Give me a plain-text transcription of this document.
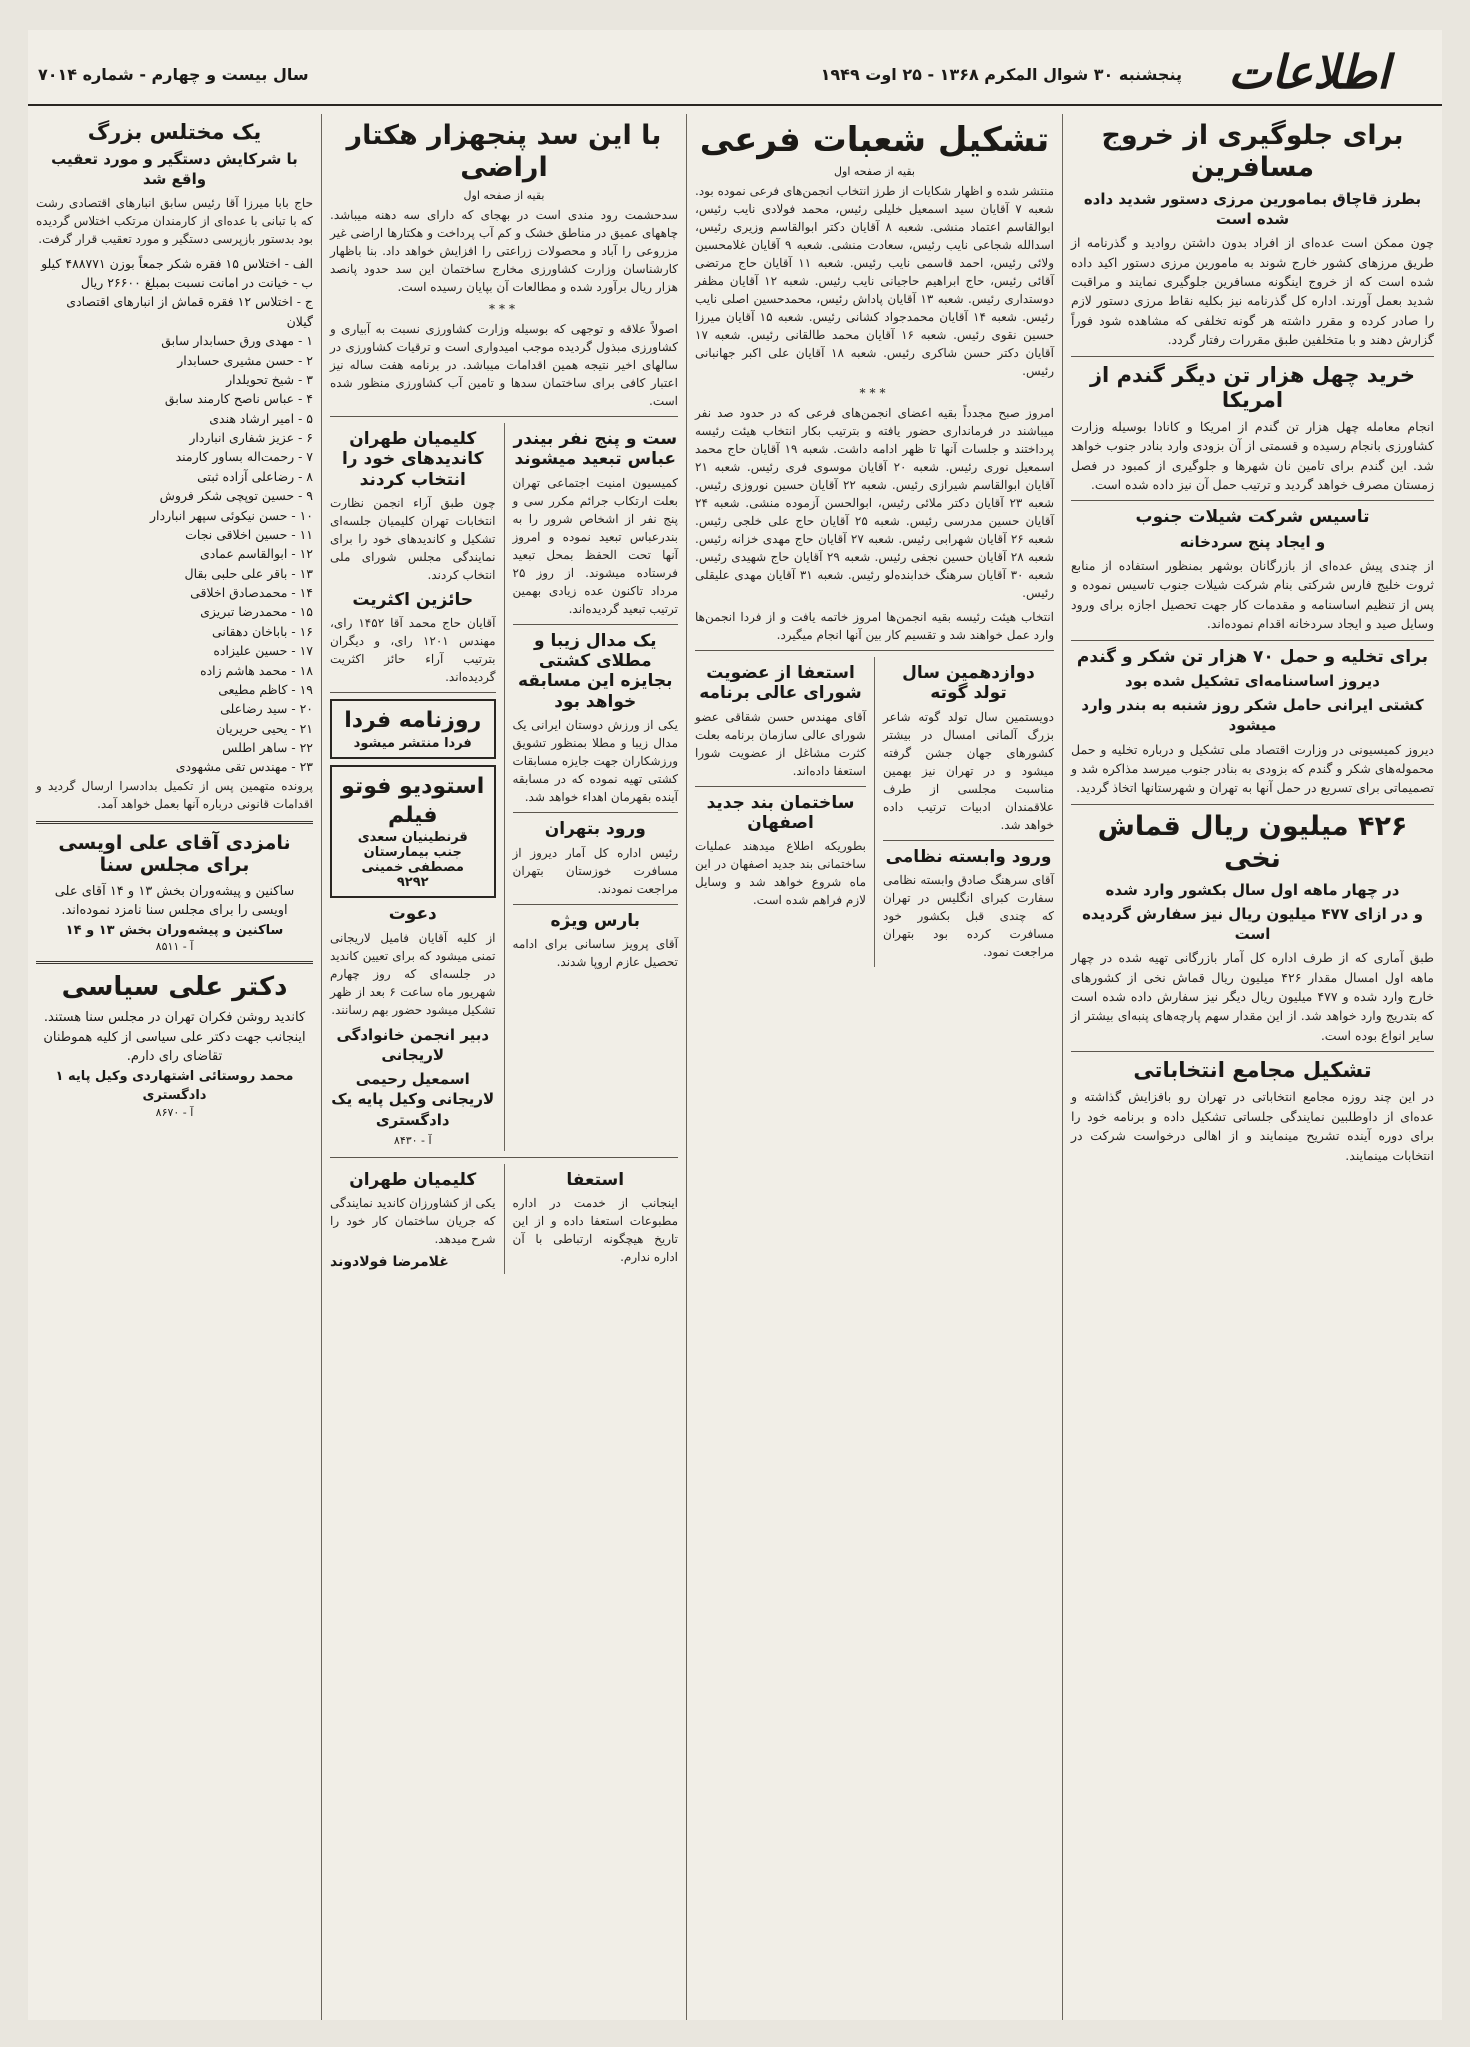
اطلاعات
پنجشنبه ۳۰ شوال المکرم ۱۳۶۸ - ۲۵ اوت ۱۹۴۹
سال بیست و چهارم - شماره ۷۰۱۴
برای جلوگیری از خروج مسافرین
بطرز قاچاق بمامورین مرزی دستور شدید داده شده است
چون ممکن است عده‌ای از افراد بدون داشتن روادید و گذرنامه از طریق مرزهای کشور خارج شوند به مامورین مرزی دستور اکید داده شده است که از خروج اینگونه مسافرین جلوگیری نمایند و مراقبت شدید بعمل آورند. اداره کل گذرنامه نیز بکلیه نقاط مرزی دستور لازم را صادر کرده و مقرر داشته هر گونه تخلفی که مشاهده شود فوراً گزارش دهند و با متخلفین طبق مقررات رفتار گردد.
خرید چهل هزار تن دیگر گندم از امریکا
انجام معامله چهل هزار تن گندم از امریکا و کانادا بوسیله وزارت کشاورزی بانجام رسیده و قسمتی از آن بزودی وارد بنادر جنوب خواهد شد. این گندم برای تامین نان شهرها و جلوگیری از کمبود در فصل زمستان مصرف خواهد گردید و ترتیب حمل آن نیز داده شده است.
تاسیس شرکت شیلات جنوب
و ایجاد پنج سردخانه
از چندی پیش عده‌ای از بازرگانان بوشهر بمنظور استفاده از منابع ثروت خلیج فارس شرکتی بنام شرکت شیلات جنوب تاسیس نموده و پس از تنظیم اساسنامه و مقدمات کار جهت تحصیل اجازه برای ورود وسایل صید و ایجاد سردخانه اقدام نموده‌اند.
برای تخلیه و حمل ۷۰ هزار تن شکر و گندم
دیروز اساسنامه‌ای تشکیل شده بود
کشتی ایرانی حامل شکر روز شنبه به بندر وارد میشود
دیروز کمیسیونی در وزارت اقتصاد ملی تشکیل و درباره تخلیه و حمل محموله‌های شکر و گندم که بزودی به بنادر جنوب میرسد مذاکره شد و تصمیماتی برای تسریع در حمل آنها به تهران و شهرستانها اتخاذ گردید.
۴۲۶ میلیون ریال قماش نخی
در چهار ماهه اول سال بکشور وارد شده
و در ازای ۴۷۷ میلیون ریال نیز سفارش گردیده است
طبق آماری که از طرف اداره کل آمار بازرگانی تهیه شده در چهار ماهه اول امسال مقدار ۴۲۶ میلیون ریال قماش نخی از کشورهای خارج وارد شده و ۴۷۷ میلیون ریال دیگر نیز سفارش داده شده است که بتدریج وارد خواهد شد. از این مقدار سهم پارچه‌های پنبه‌ای بیشتر از سایر انواع بوده است.
تشکیل مجامع انتخاباتی
در این چند روزه مجامع انتخاباتی در تهران رو بافزایش گذاشته و عده‌ای از داوطلبین نمایندگی جلساتی تشکیل داده و برنامه خود را برای دوره آینده تشریح مینمایند و از اهالی درخواست شرکت در انتخابات مینمایند.
تشکیل شعبات فرعی
بقیه از صفحه اول
منتشر شده و اظهار شکایات از طرز انتخاب انجمن‌های فرعی نموده بود. شعبه ۷ آقایان سید اسمعیل خلیلی رئیس، محمد فولادی نایب رئیس، ابوالقاسم اعتماد منشی. شعبه ۸ آقایان دکتر ابوالقاسم وزیری رئیس، اسدالله شجاعی نایب رئیس، سعادت منشی. شعبه ۹ آقایان غلامحسین ولائی رئیس، احمد قاسمی نایب رئیس. شعبه ۱۱ آقایان حاج مرتضی آقائی رئیس، حاج ابراهیم حاجیانی نایب رئیس. شعبه ۱۲ آقایان مظفر دوستداری رئیس. شعبه ۱۳ آقایان پاداش رئیس، محمدحسین اصلی نایب رئیس. شعبه ۱۴ آقایان محمدجواد کشانی رئیس. شعبه ۱۵ آقایان میرزا حسین نقوی رئیس. شعبه ۱۶ آقایان محمد طالقانی رئیس. شعبه ۱۷ آقایان دکتر حسن شاکری رئیس. شعبه ۱۸ آقایان علی اکبر جهانبانی رئیس.
***
امروز صبح مجدداً بقیه اعضای انجمن‌های فرعی که در حدود صد نفر میباشند در فرمانداری حضور یافته و بترتیب بکار انتخاب هیئت رئیسه پرداختند و جلسات آنها تا ظهر ادامه داشت. شعبه ۱۹ آقایان حاج محمد اسمعیل نوری رئیس. شعبه ۲۰ آقایان موسوی فری رئیس. شعبه ۲۱ آقایان ابوالقاسم شیرازی رئیس. شعبه ۲۲ آقایان حسین نوروزی رئیس. شعبه ۲۳ آقایان دکتر ملائی رئیس، ابوالحسن آزموده منشی. شعبه ۲۴ آقایان حسین مدرسی رئیس. شعبه ۲۵ آقایان حاج علی خلجی رئیس. شعبه ۲۶ آقایان شهرابی رئیس. شعبه ۲۷ آقایان حاج مهدی خزانه رئیس. شعبه ۲۸ آقایان حسین نجفی رئیس. شعبه ۲۹ آقایان حاج شهیدی رئیس. شعبه ۳۰ آقایان سرهنگ خدابنده‌لو رئیس. شعبه ۳۱ آقایان مهدی علیقلی رئیس.
انتخاب هیئت رئیسه بقیه انجمن‌ها امروز خاتمه یافت و از فردا انجمن‌ها وارد عمل خواهند شد و تقسیم کار بین آنها انجام میگیرد.
دوازدهمین سال تولد گوته
دویستمین سال تولد گوته شاعر بزرگ آلمانی امسال در بیشتر کشورهای جهان جشن گرفته میشود و در تهران نیز بهمین مناسبت مجلسی از طرف علاقمندان ادبیات ترتیب داده خواهد شد.
ورود وابسته نظامی
آقای سرهنگ صادق وابسته نظامی سفارت کبرای انگلیس در تهران که چندی قبل بکشور خود مسافرت کرده بود بتهران مراجعت نمود.
استعفا از عضویت شورای عالی برنامه
آقای مهندس حسن شقاقی عضو شورای عالی سازمان برنامه بعلت کثرت مشاغل از عضویت شورا استعفا داده‌اند.
ساختمان بند جدید اصفهان
بطوریکه اطلاع میدهند عملیات ساختمانی بند جدید اصفهان در این ماه شروع خواهد شد و وسایل لازم فراهم شده است.
با این سد پنجهزار هکتار اراضی
بقیه از صفحه اول
سدحشمت رود مندی است در بهجای که دارای سه دهنه میباشد. چاههای عمیق در مناطق خشک و کم آب پرداخت و هکتارها اراضی غیر مزروعی را آباد و محصولات زراعتی را افزایش خواهد داد. بنا باظهار کارشناسان وزارت کشاورزی مخارج ساختمان این سد حدود پانصد هزار ریال برآورد شده و مطالعات آن بپایان رسیده است.
***
اصولاً علاقه و توجهی که بوسیله وزارت کشاورزی نسبت به آبیاری و کشاورزی مبذول گردیده موجب امیدواری است و ترقیات کشاورزی در سالهای اخیر نتیجه همین اقدامات میباشد. در برنامه هفت ساله نیز اعتبار کافی برای ساختمان سدها و تامین آب کشاورزی منظور شده است.
ست و پنج نفر بیندر عباس تبعید میشوند
کمیسیون امنیت اجتماعی تهران بعلت ارتکاب جرائم مکرر سی و پنج نفر از اشخاص شرور را به بندرعباس تبعید نموده و امروز آنها تحت الحفظ بمحل تبعید فرستاده میشوند. از روز ۲۵ مرداد تاکنون عده زیادی بهمین ترتیب تبعید گردیده‌اند.
یک مدال زیبا و مطلای کشتی بجایزه این مسابقه خواهد بود
یکی از ورزش دوستان ایرانی یک مدال زیبا و مطلا بمنظور تشویق ورزشکاران جهت جایزه مسابقات کشتی تهیه نموده که در مسابقه آینده بقهرمان اهداء خواهد شد.
ورود بتهران
رئیس اداره کل آمار دیروز از مسافرت خوزستان بتهران مراجعت نمودند.
بارس ویژه
آقای پرویز ساسانی برای ادامه تحصیل عازم اروپا شدند.
کلیمیان طهران کاندیدهای خود را انتخاب کردند
چون طبق آراء انجمن نظارت انتخابات تهران کلیمیان جلسه‌ای تشکیل و کاندیدهای خود را برای نمایندگی مجلس شورای ملی انتخاب کردند.
حائزین اکثریت
آقایان حاج محمد آقا ۱۴۵۲ رای، مهندس ۱۲۰۱ رای، و دیگران بترتیب آراء حائز اکثریت گردیده‌اند.
روزنامه فردا
فردا منتشر میشود
استودیو فوتو فیلم
قرنطینیان سعدی
جنب بیمارستان مصطفی خمینی
۹۲۹۲
دعوت
از کلیه آقایان فامیل لاریجانی تمنی میشود که برای تعیین کاندید در جلسه‌ای که روز چهارم شهریور ماه ساعت ۶ بعد از ظهر تشکیل میشود حضور بهم رسانند.
دبیر انجمن خانوادگی لاریجانی
اسمعیل رحیمی لاریجانی وکیل پایه یک دادگستری
آ - ۸۴۳۰
استعفا
اینجانب از خدمت در اداره مطبوعات استعفا داده و از این تاریخ هیچگونه ارتباطی با آن اداره ندارم.
کلیمیان طهران
یکی از کشاورزان کاندید نمایندگی که جریان ساختمان کار خود را شرح میدهد.
غلامرضا فولادوند
یک مختلس بزرگ
با شرکایش دستگیر و مورد تعقیب واقع شد
حاج بابا میرزا آقا رئیس سابق انبارهای اقتصادی رشت که با تبانی با عده‌ای از کارمندان مرتکب اختلاس گردیده بود بدستور بازپرسی دستگیر و مورد تعقیب قرار گرفت.
الف - اختلاس ۱۵ فقره شکر جمعاً بوزن ۴۸۸۷۷۱ کیلو
ب - خیانت در امانت نسبت بمبلغ ۲۶۶۰۰ ریال
ج - اختلاس ۱۲ فقره قماش از انبارهای اقتصادی گیلان
۱ - مهدی ورق حسابدار سابق
۲ - حسن مشیری حسابدار
۳ - شیخ تحویلدار
۴ - عباس ناصح کارمند سابق
۵ - امیر ارشاد هندی
۶ - عزیز شفاری انباردار
۷ - رحمت‌اله بساور کارمند
۸ - رضاعلی آزاده ثبتی
۹ - حسین توپچی شکر فروش
۱۰ - حسن نیکوئی سپهر انباردار
۱۱ - حسین اخلاقی نجات
۱۲ - ابوالقاسم عمادی
۱۳ - باقر علی حلبی بقال
۱۴ - محمدصادق اخلاقی
۱۵ - محمدرضا تبریزی
۱۶ - باباخان دهقانی
۱۷ - حسین علیزاده
۱۸ - محمد هاشم زاده
۱۹ - کاظم مطیعی
۲۰ - سید رضاعلی
۲۱ - یحیی حریریان
۲۲ - ساهر اطلس
۲۳ - مهندس تقی مشهودی
پرونده متهمین پس از تکمیل بدادسرا ارسال گردید و اقدامات قانونی درباره آنها بعمل خواهد آمد.
نامزدی آقای علی اویسی برای مجلس سنا
ساکنین و پیشه‌وران بخش ۱۳ و ۱۴ آقای علی اویسی را برای مجلس سنا نامزد نموده‌اند.
ساکنین و پیشه‌وران بخش ۱۳ و ۱۴
آ - ۸۵۱۱
دکتر علی سیاسی
کاندید روشن فکران تهران در مجلس سنا هستند. اینجانب جهت دکتر علی سیاسی از کلیه هموطنان تقاضای رای دارم.
محمد روستائی اشتهاردی وکیل پایه ۱ دادگستری
آ - ۸۶۷۰
